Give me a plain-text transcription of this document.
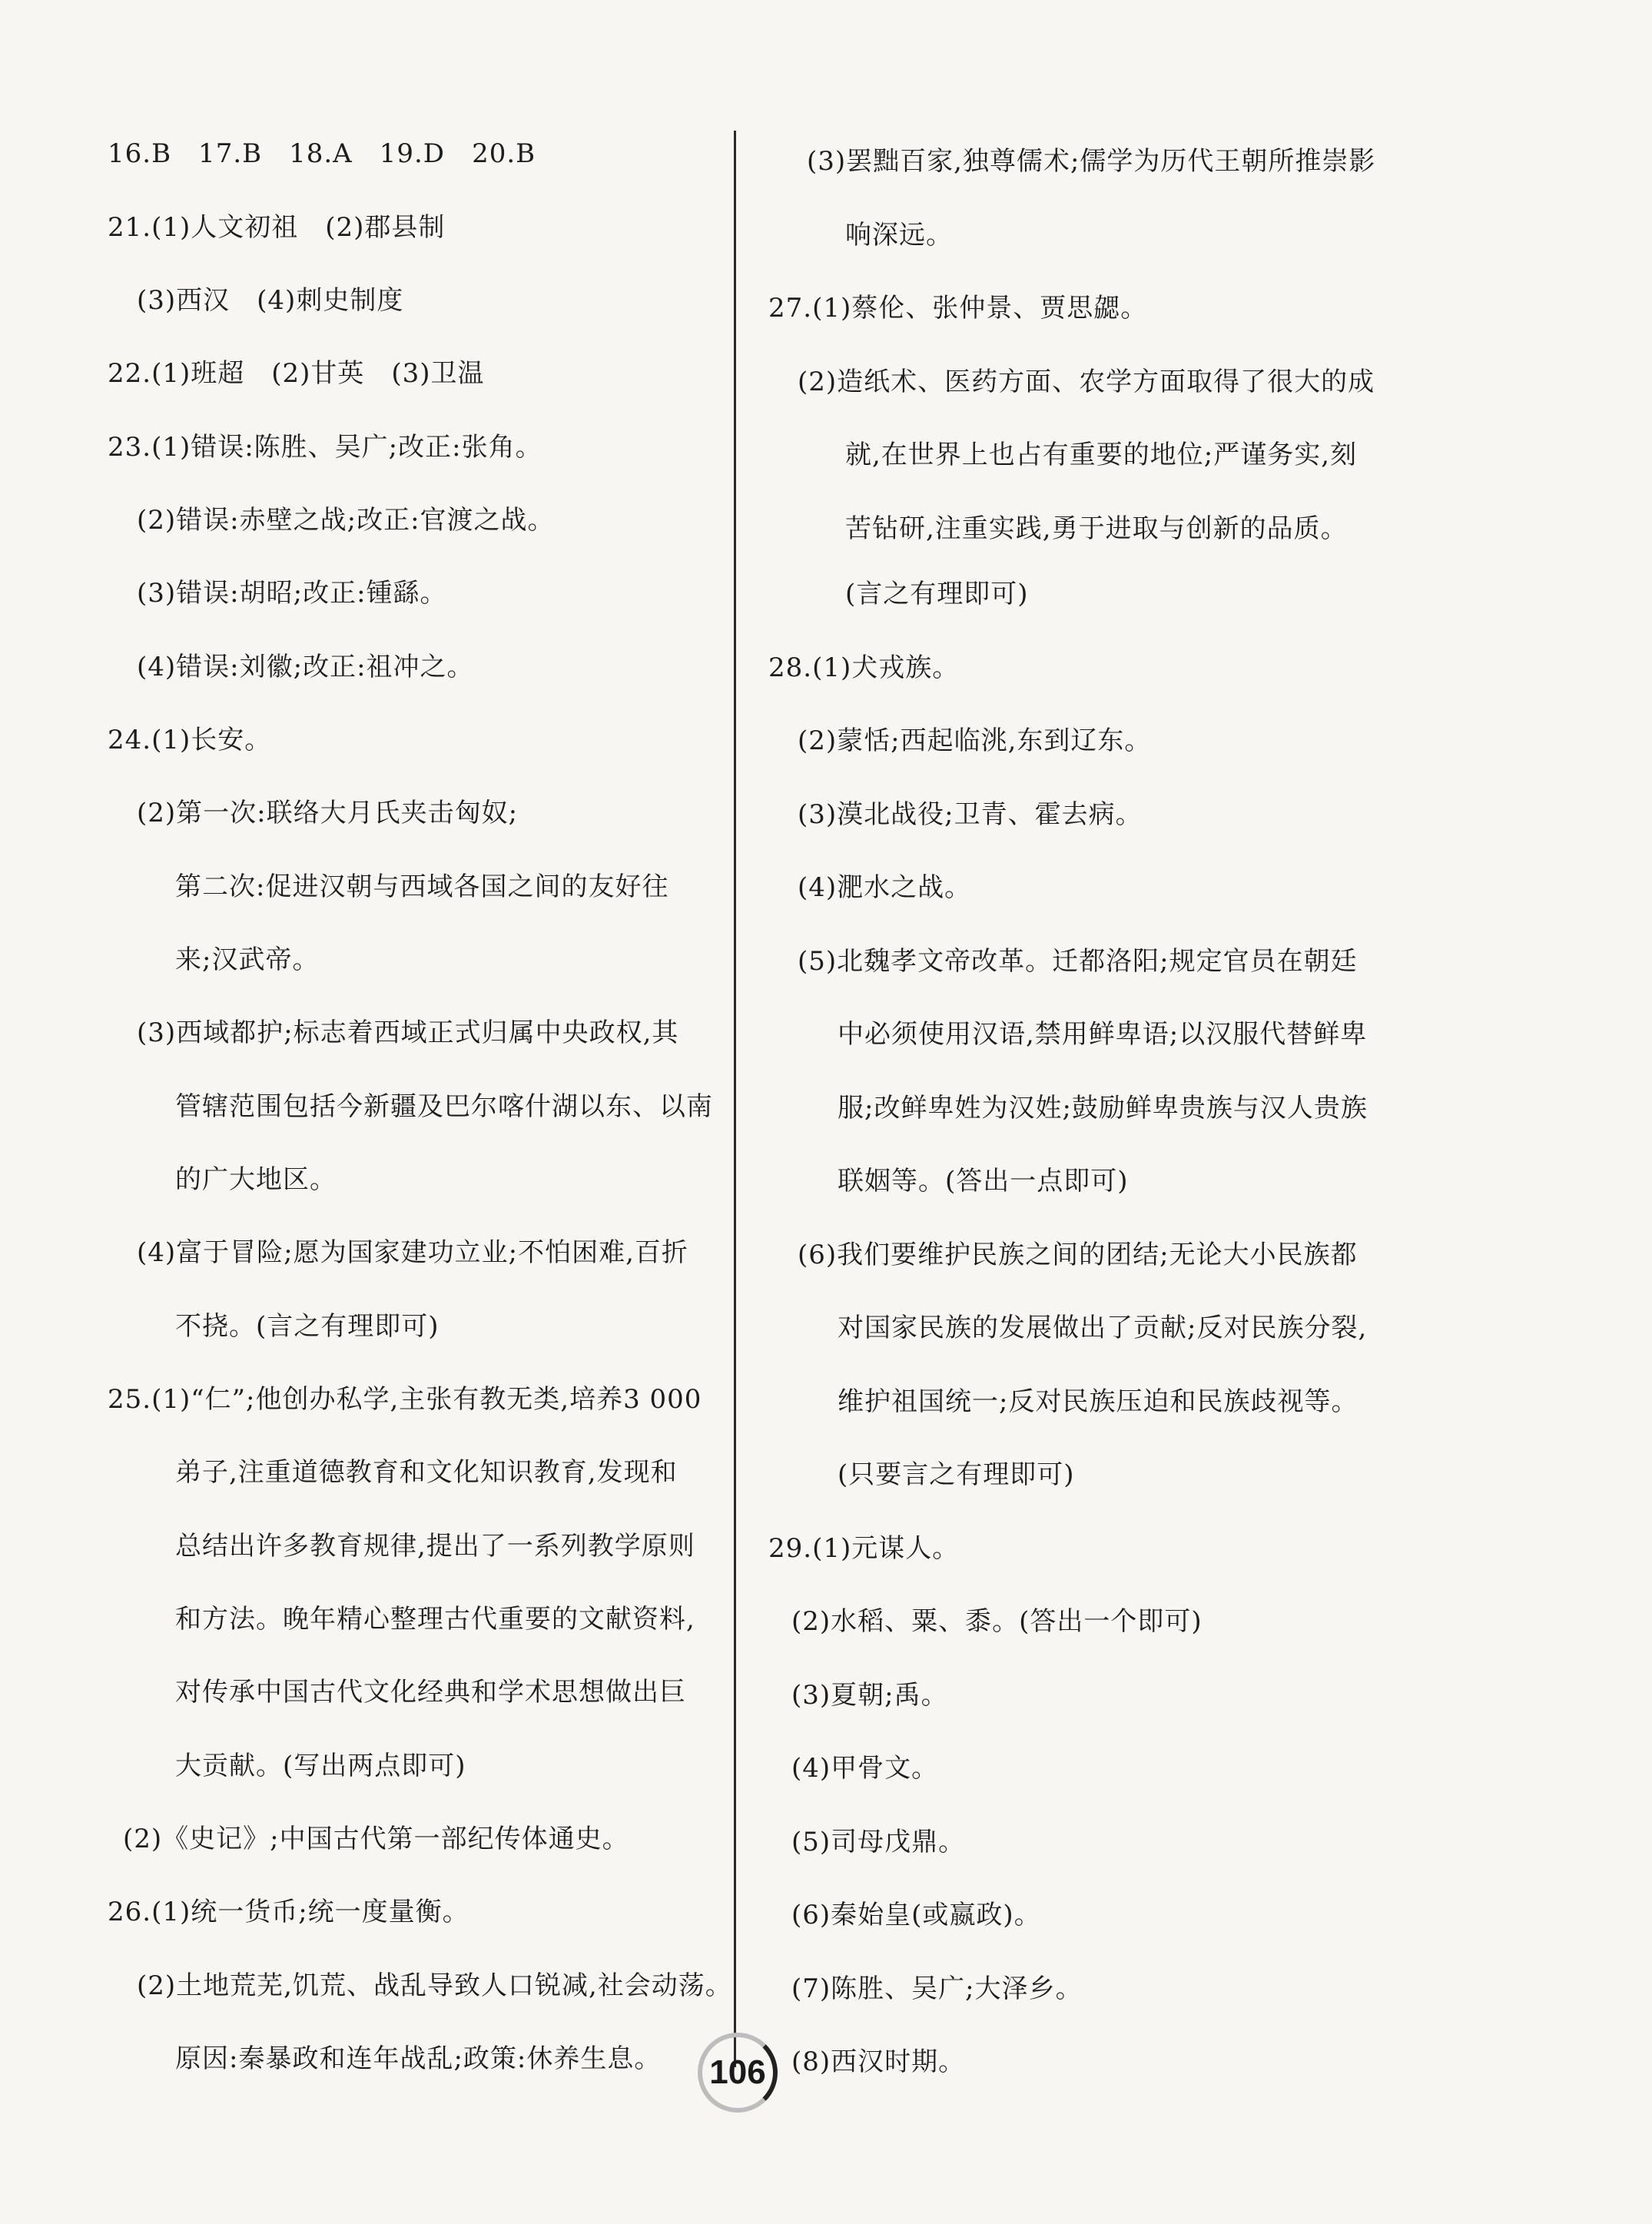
16.B　17.B　18.A　19.D　20.B
21.(1)人文初祖　(2)郡县制
(3)西汉　(4)刺史制度
22.(1)班超　(2)甘英　(3)卫温
23.(1)错误:陈胜、吴广;改正:张角。
(2)错误:赤壁之战;改正:官渡之战。
(3)错误:胡昭;改正:锺繇。
(4)错误:刘徽;改正:祖冲之。
24.(1)长安。
(2)第一次:联络大月氏夹击匈奴;
第二次:促进汉朝与西域各国之间的友好往
来;汉武帝。
(3)西域都护;标志着西域正式归属中央政权,其
管辖范围包括今新疆及巴尔喀什湖以东、以南
的广大地区。
(4)富于冒险;愿为国家建功立业;不怕困难,百折
不挠。(言之有理即可)
25.(1)“仁”;他创办私学,主张有教无类,培养3 000
弟子,注重道德教育和文化知识教育,发现和
总结出许多教育规律,提出了一系列教学原则
和方法。晚年精心整理古代重要的文献资料,
对传承中国古代文化经典和学术思想做出巨
大贡献。(写出两点即可)
(2)《史记》;中国古代第一部纪传体通史。
26.(1)统一货币;统一度量衡。
(2)土地荒芜,饥荒、战乱导致人口锐减,社会动荡。
原因:秦暴政和连年战乱;政策:休养生息。
(3)罢黜百家,独尊儒术;儒学为历代王朝所推崇影
响深远。
27.(1)蔡伦、张仲景、贾思勰。
(2)造纸术、医药方面、农学方面取得了很大的成
就,在世界上也占有重要的地位;严谨务实,刻
苦钻研,注重实践,勇于进取与创新的品质。
(言之有理即可)
28.(1)犬戎族。
(2)蒙恬;西起临洮,东到辽东。
(3)漠北战役;卫青、霍去病。
(4)淝水之战。
(5)北魏孝文帝改革。迁都洛阳;规定官员在朝廷
中必须使用汉语,禁用鲜卑语;以汉服代替鲜卑
服;改鲜卑姓为汉姓;鼓励鲜卑贵族与汉人贵族
联姻等。(答出一点即可)
(6)我们要维护民族之间的团结;无论大小民族都
对国家民族的发展做出了贡献;反对民族分裂,
维护祖国统一;反对民族压迫和民族歧视等。
(只要言之有理即可)
29.(1)元谋人。
(2)水稻、粟、黍。(答出一个即可)
(3)夏朝;禹。
(4)甲骨文。
(5)司母戊鼎。
(6)秦始皇(或嬴政)。
(7)陈胜、吴广;大泽乡。
(8)西汉时期。
106
